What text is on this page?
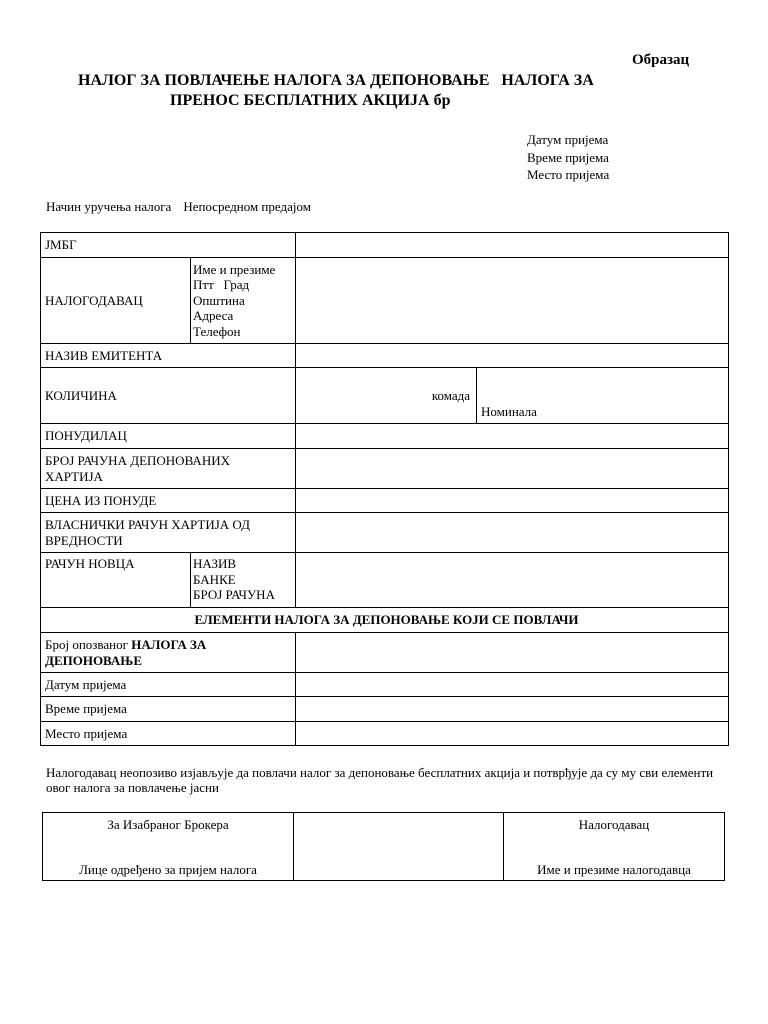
Образац
НАЛОГ ЗА ПОВЛАЧЕЊЕ НАЛОГА ЗА ДЕПОНОВАЊЕ   НАЛОГА ЗА
ПРЕНОС БЕСПЛАТНИХ АКЦИЈА бр
Датум пријема
Време пријема
Место пријема
Начин уручења налога Непосредном предајом
ЈМБГ			
НАЛОГОДАВАЦ	Име и презиме
Птт   Град
Општина
Адреса
Телефон		

НАЗИВ ЕМИТЕНТА			
КОЛИЧИНА		комада	Номинала
ПОНУДИЛАЦ			

БРОЈ РАЧУНА ДЕПОНОВАНИХ
ХАРТИЈА			

ЦЕНА ИЗ ПОНУДЕ			

ВЛАСНИЧКИ РАЧУН ХАРТИЈА ОД
ВРЕДНОСТИ			

РАЧУН НОВЦА	НАЗИВ
БАНКЕ
БРОЈ РАЧУНА		

ЕЛЕМЕНТИ НАЛОГА ЗА ДЕПОНОВАЊЕ КОЈИ СЕ ПОВЛАЧИ			

Број опозваног НАЛОГА ЗА
ДЕПОНОВАЊЕ			

Датум пријема			
Време пријема			
Место пријема			
Налогодавац неопозиво изјављује да повлачи налог за депоновање бесплатних акција и потврђује да су му сви елементи овог налога за повлачење јасни
За Изабраног Брокера
Лице одређено за пријем налога

Налогодавац
Име и презиме налогодавца
